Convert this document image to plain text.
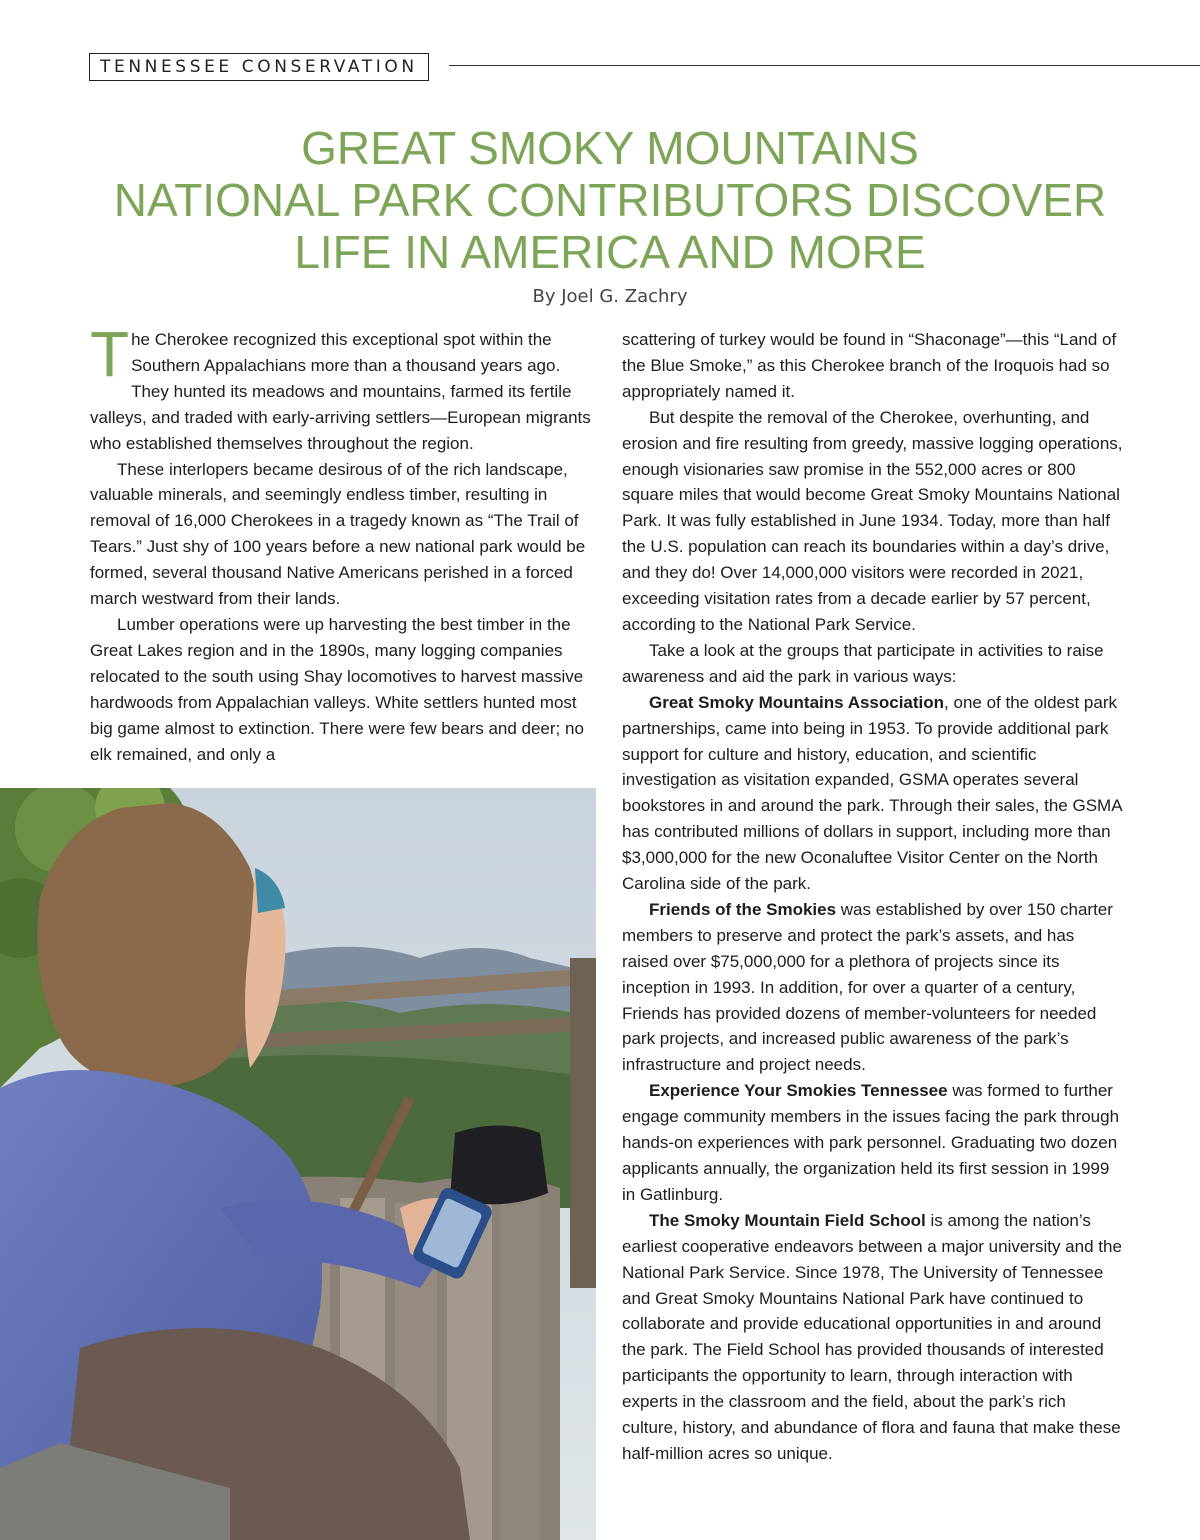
TENNESSEE CONSERVATION
GREAT SMOKY MOUNTAINS
NATIONAL PARK CONTRIBUTORS DISCOVER
LIFE IN AMERICA AND MORE
By Joel G. Zachry

The Cherokee recognized this exceptional spot within the Southern Appalachians more than a thousand years ago. They hunted its meadows and mountains, farmed its fertile valleys, and traded with early-arriving settlers—European migrants who established themselves throughout the region.

These interlopers became desirous of of the rich landscape, valuable minerals, and seemingly endless timber, resulting in removal of 16,000 Cherokees in a tragedy known as “The Trail of Tears.” Just shy of 100 years before a new national park would be formed, several thousand Native Americans perished in a forced march westward from their lands.

Lumber operations were up harvesting the best timber in the Great Lakes region and in the 1890s, many logging companies relocated to the south using Shay locomotives to harvest massive hardwoods from Appalachian valleys. White settlers hunted most big game almost to extinction. There were few bears and deer; no elk remained, and only a

scattering of turkey would be found in “Shaconage”—this “Land of the Blue Smoke,” as this Cherokee branch of the Iroquois had so appropriately named it.

But despite the removal of the Cherokee, overhunting, and erosion and fire resulting from greedy, massive logging operations, enough visionaries saw promise in the 552,000 acres or 800 square miles that would become Great Smoky Mountains National Park. It was fully established in June 1934. Today, more than half the U.S. population can reach its boundaries within a day’s drive, and they do! Over 14,000,000 visitors were recorded in 2021, exceeding visitation rates from a decade earlier by 57 percent, according to the National Park Service.

Take a look at the groups that participate in activities to raise awareness and aid the park in various ways:

Great Smoky Mountains Association, one of the oldest park partnerships, came into being in 1953. To provide additional park support for culture and history, education, and scientific investigation as visitation expanded, GSMA operates several bookstores in and around the park. Through their sales, the GSMA has contributed millions of dollars in support, including more than $3,000,000 for the new Oconaluftee Visitor Center on the North Carolina side of the park.

Friends of the Smokies was established by over 150 charter members to preserve and protect the park’s assets, and has raised over $75,000,000 for a plethora of projects since its inception in 1993. In addition, for over a quarter of a century, Friends has provided dozens of member-volunteers for needed park projects, and increased public awareness of the park’s infrastructure and project needs.

Experience Your Smokies Tennessee was formed to further engage community members in the issues facing the park through hands-on experiences with park personnel. Graduating two dozen applicants annually, the organization held its first session in 1999 in Gatlinburg.

The Smoky Mountain Field School is among the nation’s earliest cooperative endeavors between a major university and the National Park Service. Since 1978, The University of Tennessee and Great Smoky Mountains National Park have continued to collaborate and provide educational opportunities in and around the park. The Field School has provided thousands of interested participants the opportunity to learn, through interaction with experts in the classroom and the field, about the park’s rich culture, history, and abundance of flora and fauna that make these half-million acres so unique.
